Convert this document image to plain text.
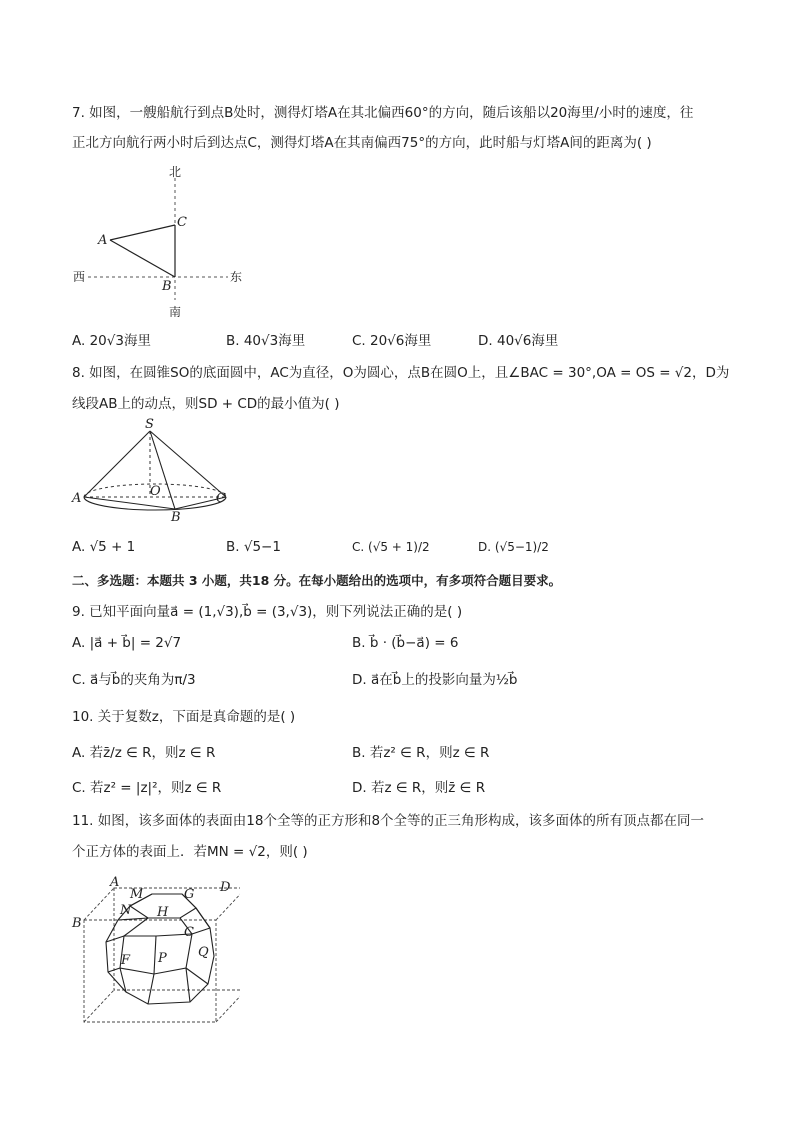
7. 如图，一艘船航行到点B处时，测得灯塔A在其北偏西60°的方向，随后该船以20海里/小时的速度，往
正北方向航行两小时后到达点C，测得灯塔A在其南偏西75°的方向，此时船与灯塔A间的距离为( )
北
南
西	东
A
B
C
A. 20√3海里	B. 40√3海里	C. 20√6海里	D. 40√6海里
8. 如图，在圆锥SO的底面圆中，AC为直径，O为圆心，点B在圆O上，且∠BAC = 30°,OA = OS = √2，D为
线段AB上的动点，则SD + CD的最小值为( )
S
A	O	C
B
A. √5 + 1	B. √5−1	C. (√5 + 1)/2	D. (√5−1)/2
二、多选题：本题共 3 小题，共18 分。在每小题给出的选项中，有多项符合题目要求。
9. 已知平面向量a⃗ = (1,√3),b⃗ = (3,√3)，则下列说法正确的是( )
A. |a⃗ + b⃗| = 2√7	B. b⃗ · (b⃗−a⃗) = 6
C. a⃗与b⃗的夹角为π/3	D. a⃗在b⃗上的投影向量为½b⃗
10. 关于复数z，下面是真命题的是( )
A. 若z̄/z ∈ R，则z ∈ R	B. 若z² ∈ R，则z ∈ R
C. 若z² = |z|²，则z ∈ R	D. 若z ∈ R，则z̄ ∈ R
11. 如图，该多面体的表面由18个全等的正方形和8个全等的正三角形构成，该多面体的所有顶点都在同一
个正方体的表面上．若MN = √2，则( )
A
M	G D
N H
B
C
Q
F P
